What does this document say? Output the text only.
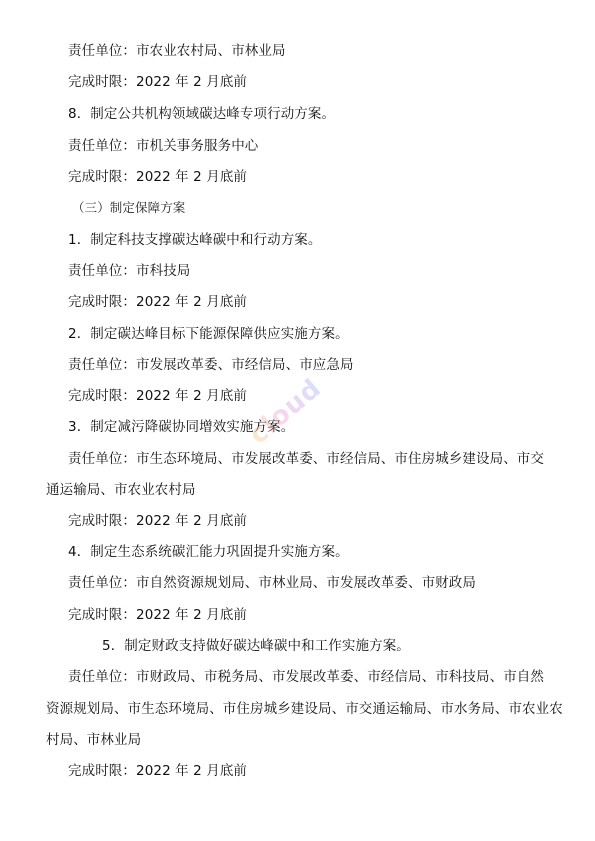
责任单位：市农业农村局、市林业局
完成时限：2022 年 2 月底前
8．制定公共机构领域碳达峰专项行动方案。
责任单位：市机关事务服务中心
完成时限：2022 年 2 月底前
（三）制定保障方案
1．制定科技支撑碳达峰碳中和行动方案。
责任单位：市科技局
完成时限：2022 年 2 月底前
2．制定碳达峰目标下能源保障供应实施方案。
责任单位：市发展改革委、市经信局、市应急局
完成时限：2022 年 2 月底前
3．制定减污降碳协同增效实施方案。
责任单位：市生态环境局、市发展改革委、市经信局、市住房城乡建设局、市交
通运输局、市农业农村局
完成时限：2022 年 2 月底前
4．制定生态系统碳汇能力巩固提升实施方案。
责任单位：市自然资源规划局、市林业局、市发展改革委、市财政局
完成时限：2022 年 2 月底前
5．制定财政支持做好碳达峰碳中和工作实施方案。
责任单位：市财政局、市税务局、市发展改革委、市经信局、市科技局、市自然
资源规划局、市生态环境局、市住房城乡建设局、市交通运输局、市水务局、市农业农
村局、市林业局
完成时限：2022 年 2 月底前
cloud
